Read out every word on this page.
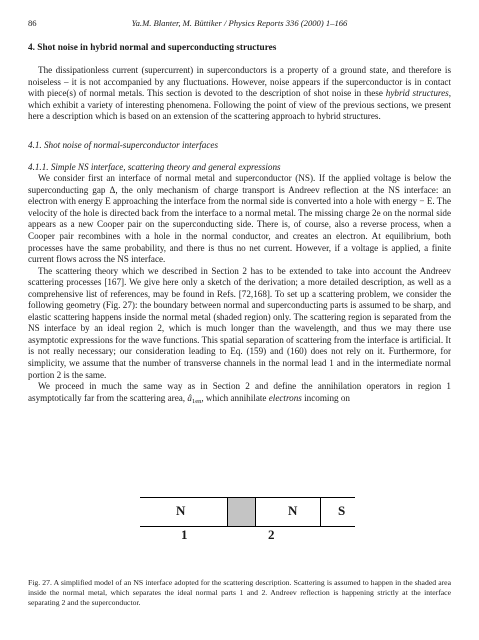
86	Ya.M. Blanter, M. Büttiker / Physics Reports 336 (2000) 1–166
4. Shot noise in hybrid normal and superconducting structures

The dissipationless current (supercurrent) in superconductors is a property of a ground state, and therefore is noiseless – it is not accompanied by any fluctuations. However, noise appears if the superconductor is in contact with piece(s) of normal metals. This section is devoted to the description of shot noise in these hybrid structures, which exhibit a variety of interesting phenomena. Following the point of view of the previous sections, we present here a description which is based on an extension of the scattering approach to hybrid structures.

4.1. Shot noise of normal-superconductor interfaces
4.1.1. Simple NS interface, scattering theory and general expressions

We consider first an interface of normal metal and superconductor (NS). If the applied voltage is below the superconducting gap Δ, the only mechanism of charge transport is Andreev reflection at the NS interface: an electron with energy E approaching the interface from the normal side is converted into a hole with energy − E. The velocity of the hole is directed back from the interface to a normal metal. The missing charge 2e on the normal side appears as a new Cooper pair on the superconducting side. There is, of course, also a reverse process, when a Cooper pair recombines with a hole in the normal conductor, and creates an electron. At equilibrium, both processes have the same probability, and there is thus no net current. However, if a voltage is applied, a finite current flows across the NS interface.

The scattering theory which we described in Section 2 has to be extended to take into account the Andreev scattering processes [167]. We give here only a sketch of the derivation; a more detailed description, as well as a comprehensive list of references, may be found in Refs. [72,168]. To set up a scattering problem, we consider the following geometry (Fig. 27): the boundary between normal and superconducting parts is assumed to be sharp, and elastic scattering happens inside the normal metal (shaded region) only. The scattering region is separated from the NS interface by an ideal region 2, which is much longer than the wavelength, and thus we may there use asymptotic expressions for the wave functions. This spatial separation of scattering from the interface is artificial. It is not really necessary; our consideration leading to Eq. (159) and (160) does not rely on it. Furthermore, for simplicity, we assume that the number of transverse channels in the normal lead 1 and in the intermediate normal portion 2 is the same.

We proceed in much the same way as in Section 2 and define the annihilation operators in region 1 asymptotically far from the scattering area, $â_{1en}$, which annihilate electrons incoming on

N	N	S
1	2

Fig. 27. A simplified model of an NS interface adopted for the scattering description. Scattering is assumed to happen in the shaded area inside the normal metal, which separates the ideal normal parts 1 and 2. Andreev reflection is happening strictly at the interface separating 2 and the superconductor.
